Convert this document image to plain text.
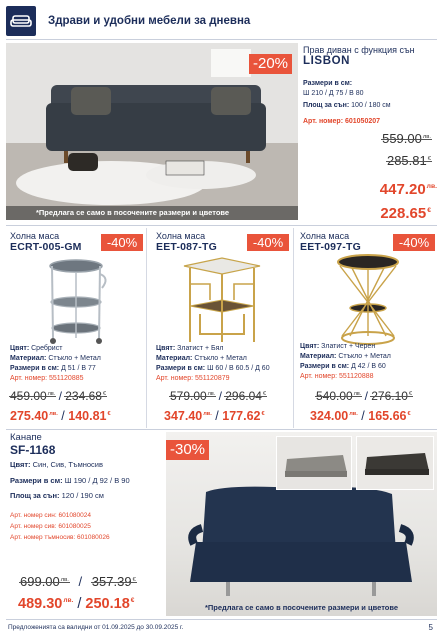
Здрави и удобни мебели за дневна
-20%
*Предлага се само в посочените размери и цветове
Прав диван с функция сън
LISBON
Размери в см:
Ш 210 / Д 75 / В 80
Площ за сън: 100 / 180 см
Арт. номер: 601050207
$559.00^{лв.}$
285.81€
$447.20^{лв.}$
228.65€
Холна маса
ECRT-005-GM	-40%
Цвят: Сребрист
Материал: Стъкло + Метал
Размери в см: Д 51 / В 77
Арт. номер: 551120885
$459.00^{лв.} / 234.68^€$
$275.40^{лв.} / 140.81^€$
Холна маса
EET-087-TG	-40%
Цвят: Златист + Бял
Материал: Стъкло + Метал
Размери в см: Ш 60 / В 60.5 / Д 60
Арт. номер: 551120879
$579.00^{лв.} / 296.04^€$
$347.40^{лв.} / 177.62^€$
Холна маса
EET-097-TG	-40%
Цвят: Златист + Черен
Материал: Стъкло + Метал
Размери в см: Д 42 / В 60
Арт. номер: 551120888
$540.00^{лв.} / 276.10^€$
$324.00^{лв.} / 165.66^€$
Канапе
SF-1168
Цвят: Син, Сив, Тъмносив
Размери в см: Ш 190 / Д 92 / В 90
Площ за сън: 120 / 190 см
Арт. номер син: 601080024
Арт. номер сив: 601080025
Арт. номер тъмносив: 601080026
$699.00^{лв.} / 357.39^€$
$489.30^{лв.} / 250.18^€$
-30%
*Предлага се само в посочените размери и цветове
Предложенията са валидни от 01.09.2025 до 30.09.2025 г.	5
